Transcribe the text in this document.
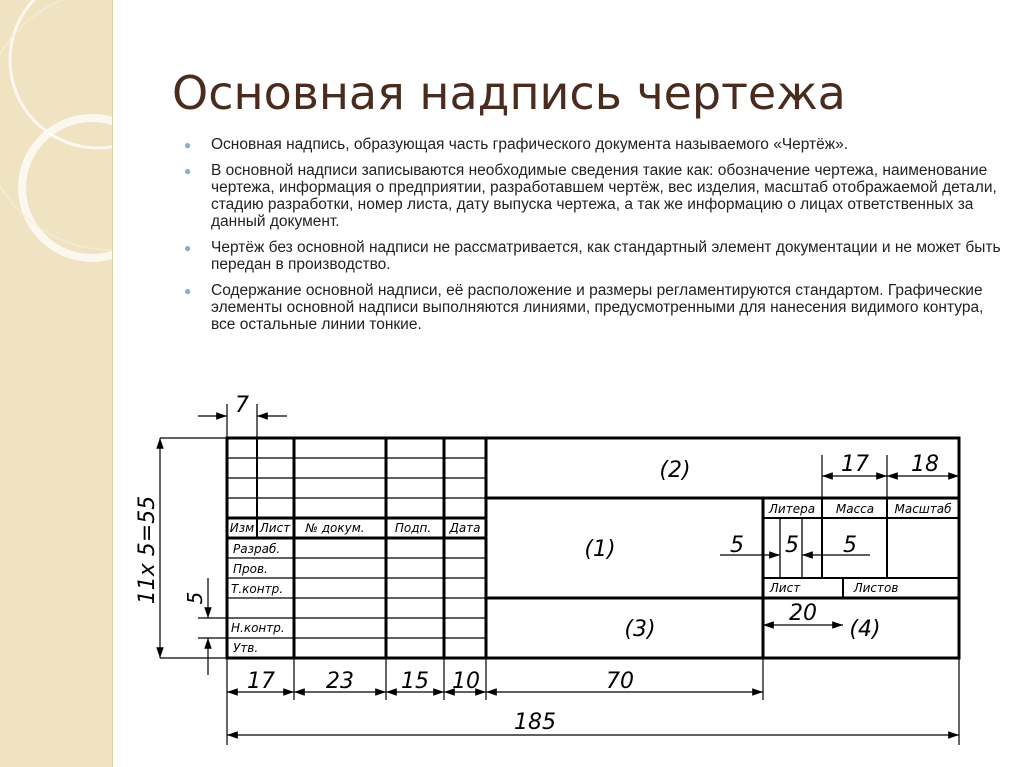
Основная надпись чертежа
● Основная надпись, образующая часть графического документа называемого «Чертёж».
● В основной надписи записываются необходимые сведения такие как: обозначение чертежа, наименование чертежа, информация о предприятии, разработавшем чертёж, вес изделия, масштаб отображаемой детали, стадию разработки, номер листа, дату выпуска чертежа, а так же информацию о лицах ответственных за данный документ.
● Чертёж без основной надписи не рассматривается, как стандартный элемент документации и не может быть передан в производство.
● Содержание основной надписи, её расположение и размеры регламентируются стандартом. Графические элементы основной надписи выполняются линиями, предусмотренными для нанесения видимого контура, все остальные линии тонкие.
7
11x 5=55 5
17 23 15 10	70
185
17 18
5 5 5
20
(2)
(1)
(3)	(4)
Изм Лист № докум.	Подп. Дата
Разраб.
Пров.
Т.контр.
Н.контр.
Утв.
Литера Масса Масштаб
Лист	Листов
